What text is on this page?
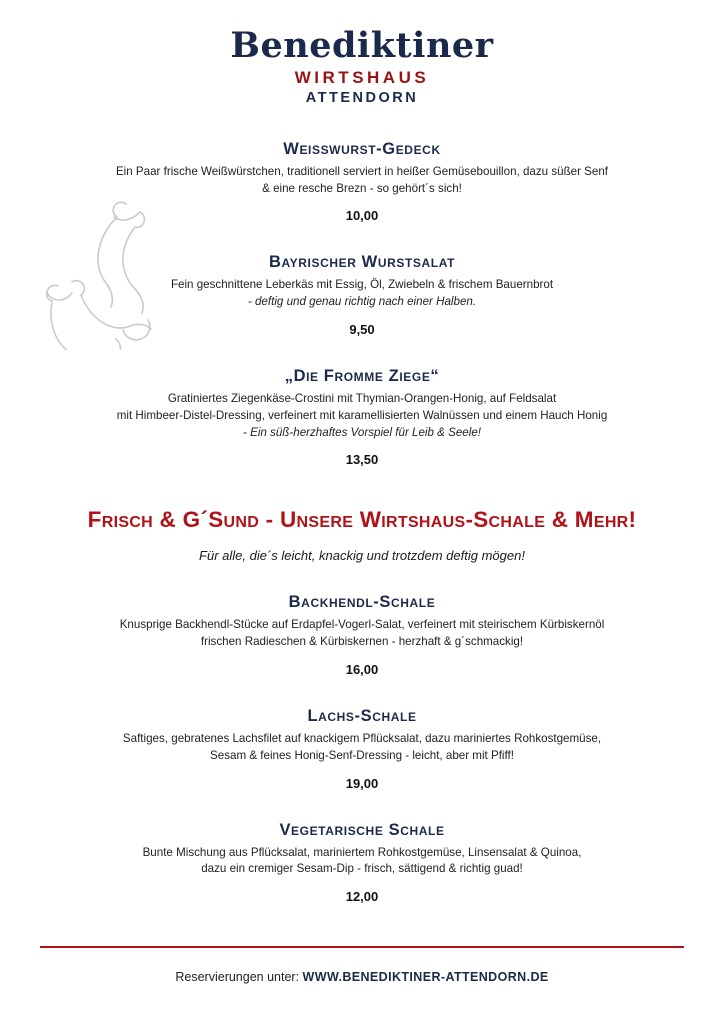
Benediktiner
WIRTSHAUS
ATTENDORN
Weisswurst-Gedeck
Ein Paar frische Weißwürstchen, traditionell serviert in heißer Gemüsebouillon, dazu süßer Senf
& eine resche Brezn - so gehört´s sich!
10,00
Bayrischer Wurstsalat
Fein geschnittene Leberkäs mit Essig, Öl, Zwiebeln & frischem Bauernbrot
- deftig und genau richtig nach einer Halben.
9,50
„Die Fromme Ziege“
Gratiniertes Ziegenkäse-Crostini mit Thymian-Orangen-Honig, auf Feldsalat
mit Himbeer-Distel-Dressing, verfeinert mit karamellisierten Walnüssen und einem Hauch Honig
- Ein süß-herzhaftes Vorspiel für Leib & Seele!
13,50
Frisch & G´Sund - Unsere Wirtshaus-Schale & Mehr!
Für alle, die´s leicht, knackig und trotzdem deftig mögen!
Backhendl-Schale
Knusprige Backhendl-Stücke auf Erdapfel-Vogerl-Salat, verfeinert mit steirischem Kürbiskernöl
frischen Radieschen & Kürbiskernen - herzhaft & g´schmackig!
16,00
Lachs-Schale
Saftiges, gebratenes Lachsfilet auf knackigem Pflücksalat, dazu mariniertes Rohkostgemüse,
Sesam & feines Honig-Senf-Dressing - leicht, aber mit Pfiff!
19,00
Vegetarische Schale
Bunte Mischung aus Pflücksalat, mariniertem Rohkostgemüse, Linsensalat & Quinoa,
dazu ein cremiger Sesam-Dip - frisch, sättigend & richtig guad!
12,00
Reservierungen unter: WWW.BENEDIKTINER-ATTENDORN.DE
